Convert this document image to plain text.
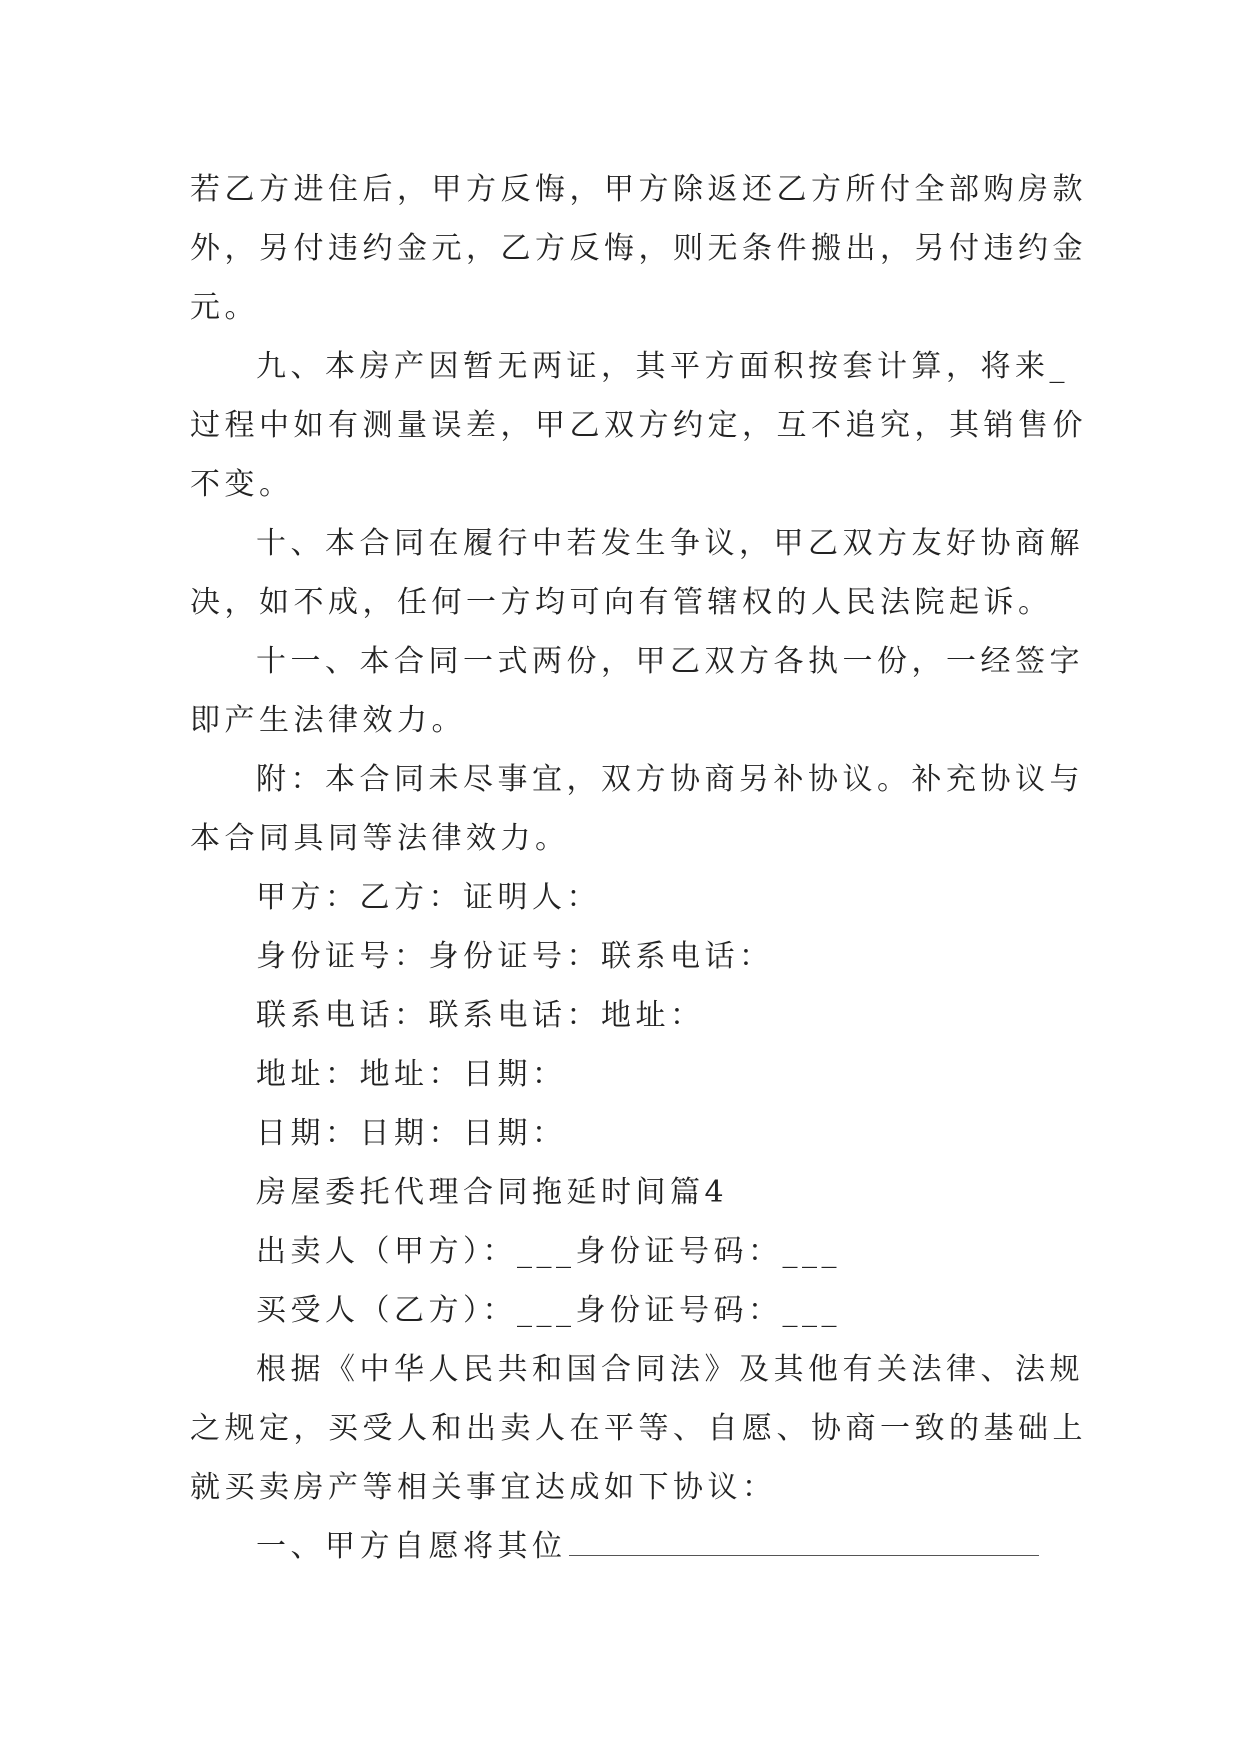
若乙方进住后，甲方反悔，甲方除返还乙方所付全部购房款
外，另付违约金元，乙方反悔，则无条件搬出，另付违约金
元。
九、本房产因暂无两证，其平方面积按套计算，将来_
过程中如有测量误差，甲乙双方约定，互不追究，其销售价
不变。
十、本合同在履行中若发生争议，甲乙双方友好协商解
决，如不成，任何一方均可向有管辖权的人民法院起诉。
十一、本合同一式两份，甲乙双方各执一份，一经签字
即产生法律效力。
附：本合同未尽事宜，双方协商另补协议。补充协议与
本合同具同等法律效力。
甲方：乙方：证明人：
身份证号：身份证号：联系电话：
联系电话：联系电话：地址：
地址：地址：日期：
日期：日期：日期：
房屋委托代理合同拖延时间篇4
出卖人（甲方）：___身份证号码：___
买受人（乙方）：___身份证号码：___
根据《中华人民共和国合同法》及其他有关法律、法规
之规定，买受人和出卖人在平等、自愿、协商一致的基础上
就买卖房产等相关事宜达成如下协议：
一、甲方自愿将其位
